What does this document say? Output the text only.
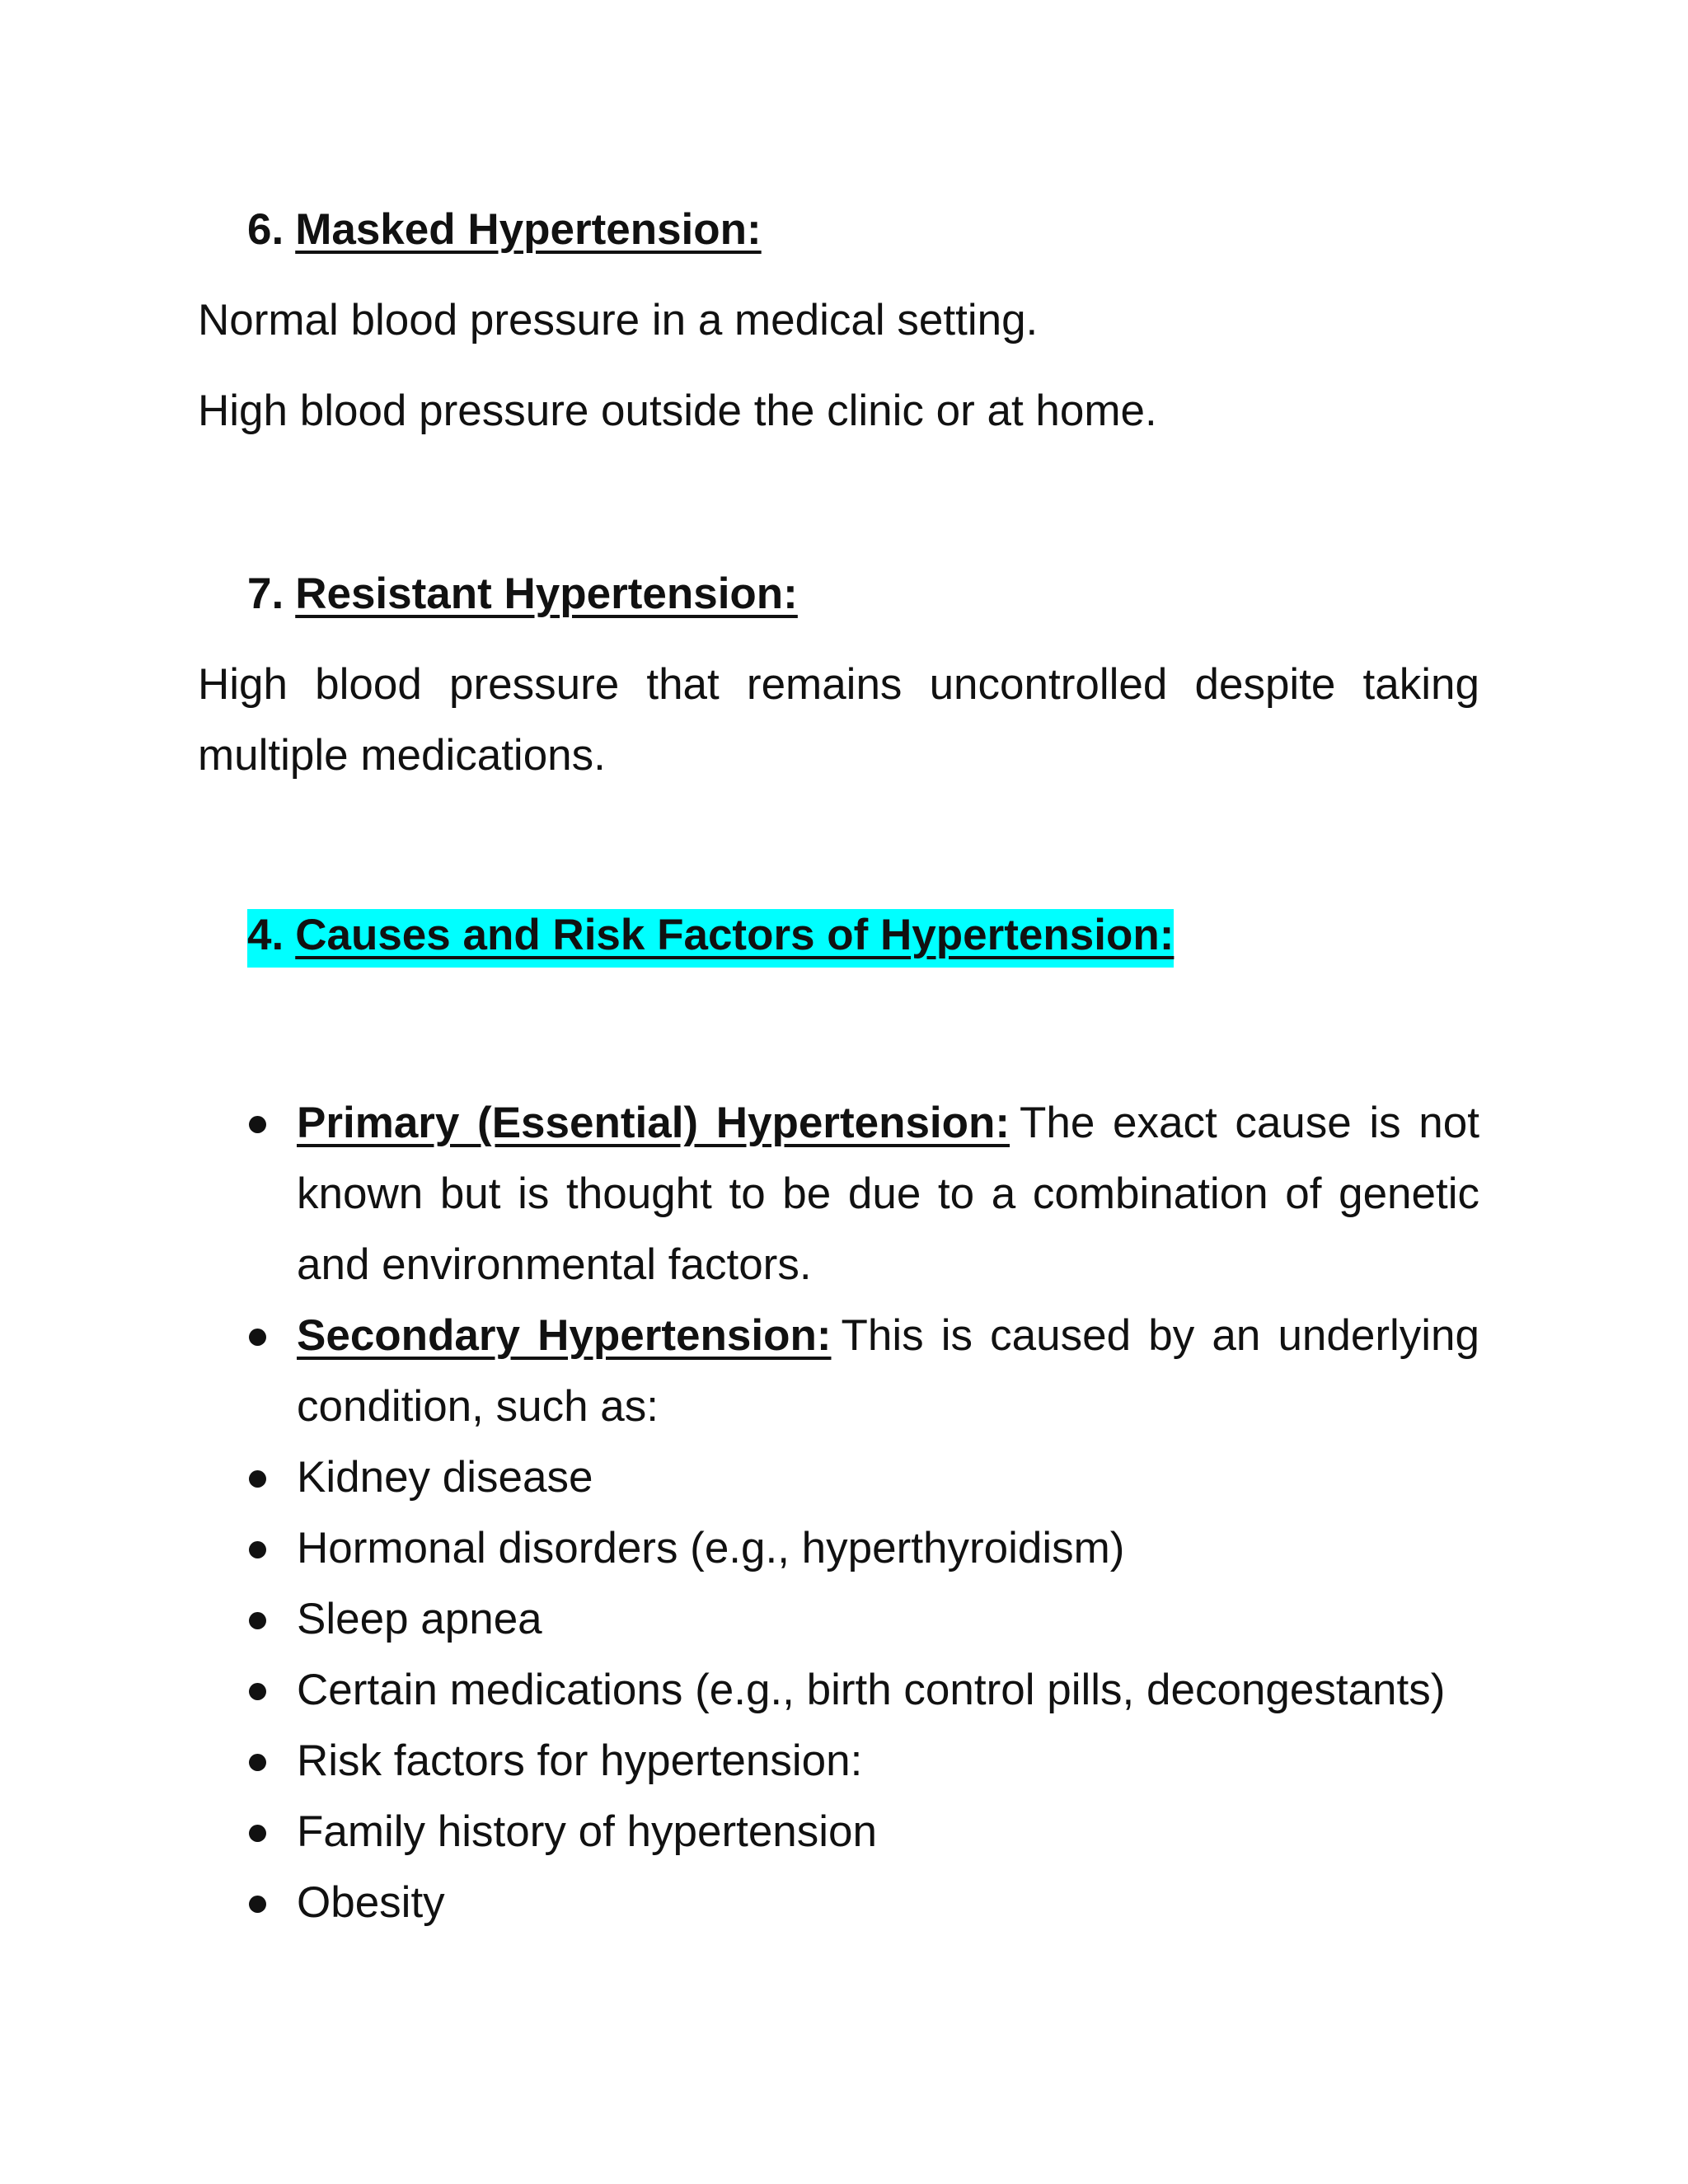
6. Masked Hypertension:
Normal blood pressure in a medical setting.
High blood pressure outside the clinic or at home.
7. Resistant Hypertension:
High blood pressure that remains uncontrolled despite taking multiple medications.
4. Causes and Risk Factors of Hypertension:
Primary (Essential) Hypertension: The exact cause is not known but is thought to be due to a combination of genetic and environmental factors.
Secondary Hypertension: This is caused by an underlying condition, such as:
Kidney disease
Hormonal disorders (e.g., hyperthyroidism)
Sleep apnea
Certain medications (e.g., birth control pills, decongestants)
Risk factors for hypertension:
Family history of hypertension
Obesity
